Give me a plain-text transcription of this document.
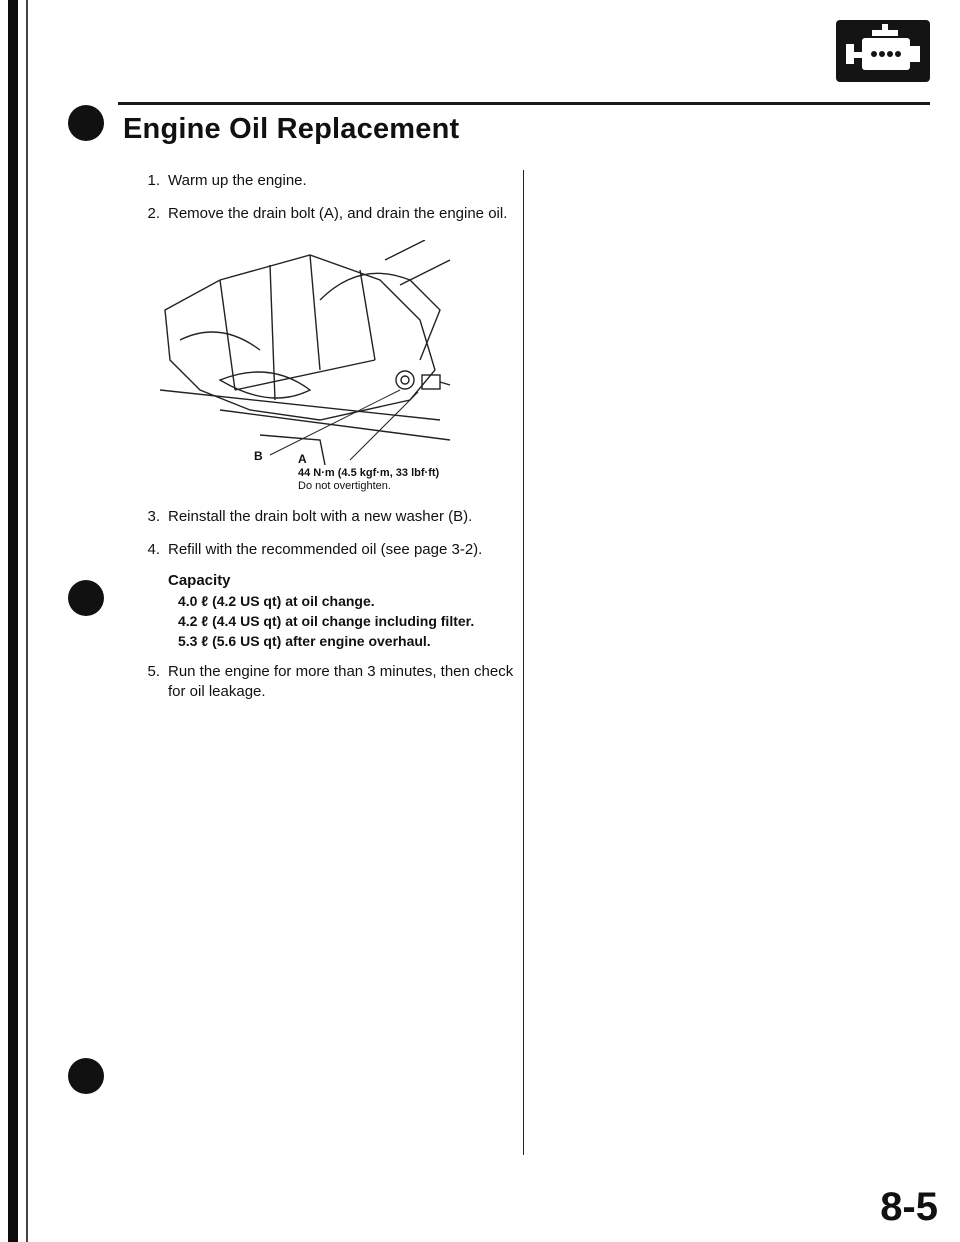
Engine Oil Replacement
1. Warm up the engine.
2. Remove the drain bolt (A), and drain the engine oil.
B	A
44 N·m (4.5 kgf·m, 33 lbf·ft)
Do not overtighten.
3. Reinstall the drain bolt with a new washer (B).
4. Refill with the recommended oil (see page 3-2).
Capacity
4.0 ℓ (4.2 US qt) at oil change.
4.2 ℓ (4.4 US qt) at oil change including filter.
5.3 ℓ (5.6 US qt) after engine overhaul.
5. Run the engine for more than 3 minutes, then check
for oil leakage.
8-5
